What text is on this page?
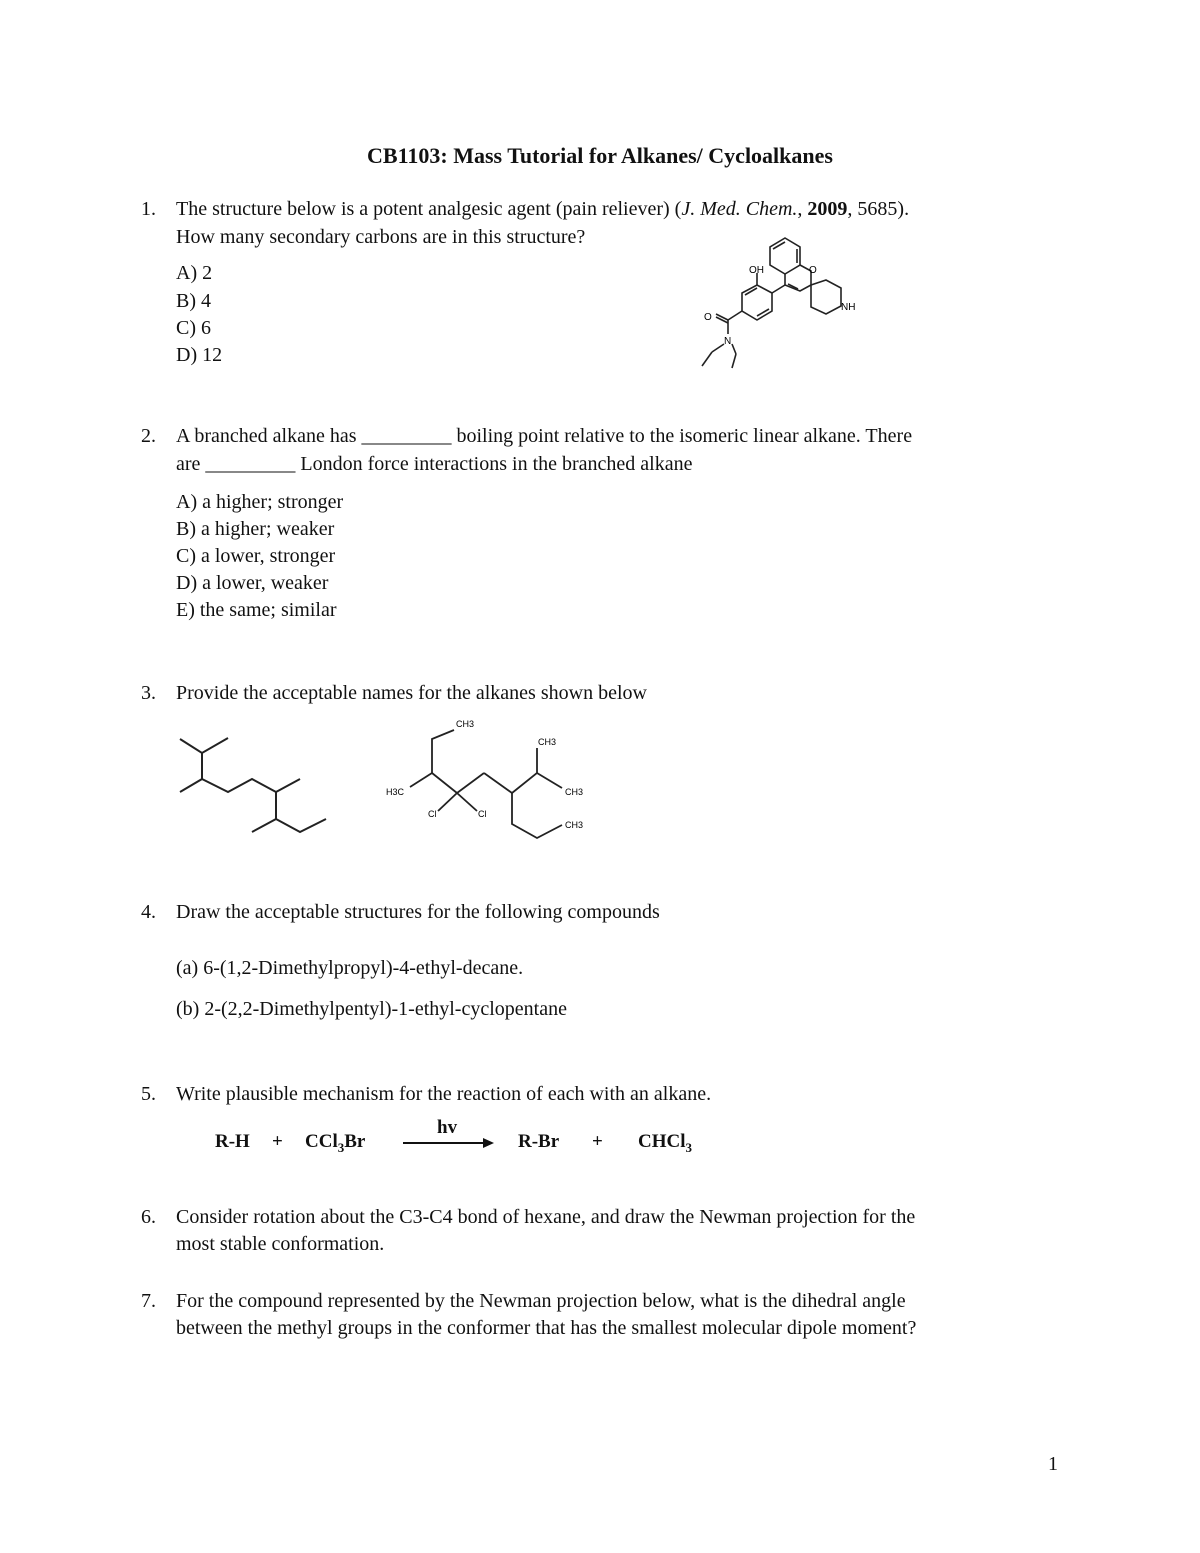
CB1103: Mass Tutorial for Alkanes/ Cycloalkanes
1.	The structure below is a potent analgesic agent (pain reliever) (J. Med. Chem., 2009, 5685).
How many secondary carbons are in this structure?
A) 2
B) 4
C) 6
D) 12
OH	O
NH
O
N
2.	A branched alkane has _________ boiling point relative to the isomeric linear alkane. There
are _________ London force interactions in the branched alkane
A) a higher; stronger
B) a higher; weaker
C) a lower, stronger
D) a lower, weaker
E) the same; similar
3.	Provide the acceptable names for the alkanes shown below
CH3
CH3
H3C
Cl	Cl
CH3
CH3
4.	Draw the acceptable structures for the following compounds
(a) 6-(1,2-Dimethylpropyl)-4-ethyl-decane.
(b) 2-(2,2-Dimethylpentyl)-1-ethyl-cyclopentane
5.	Write plausible mechanism for the reaction of each with an alkane.
R-H + CCl$_3$Br
hv
R-Br + CHCl$_3$
6.	Consider rotation about the C3-C4 bond of hexane, and draw the Newman projection for the
most stable conformation.
7.	For the compound represented by the Newman projection below, what is the dihedral angle
between the methyl groups in the conformer that has the smallest molecular dipole moment?
1
